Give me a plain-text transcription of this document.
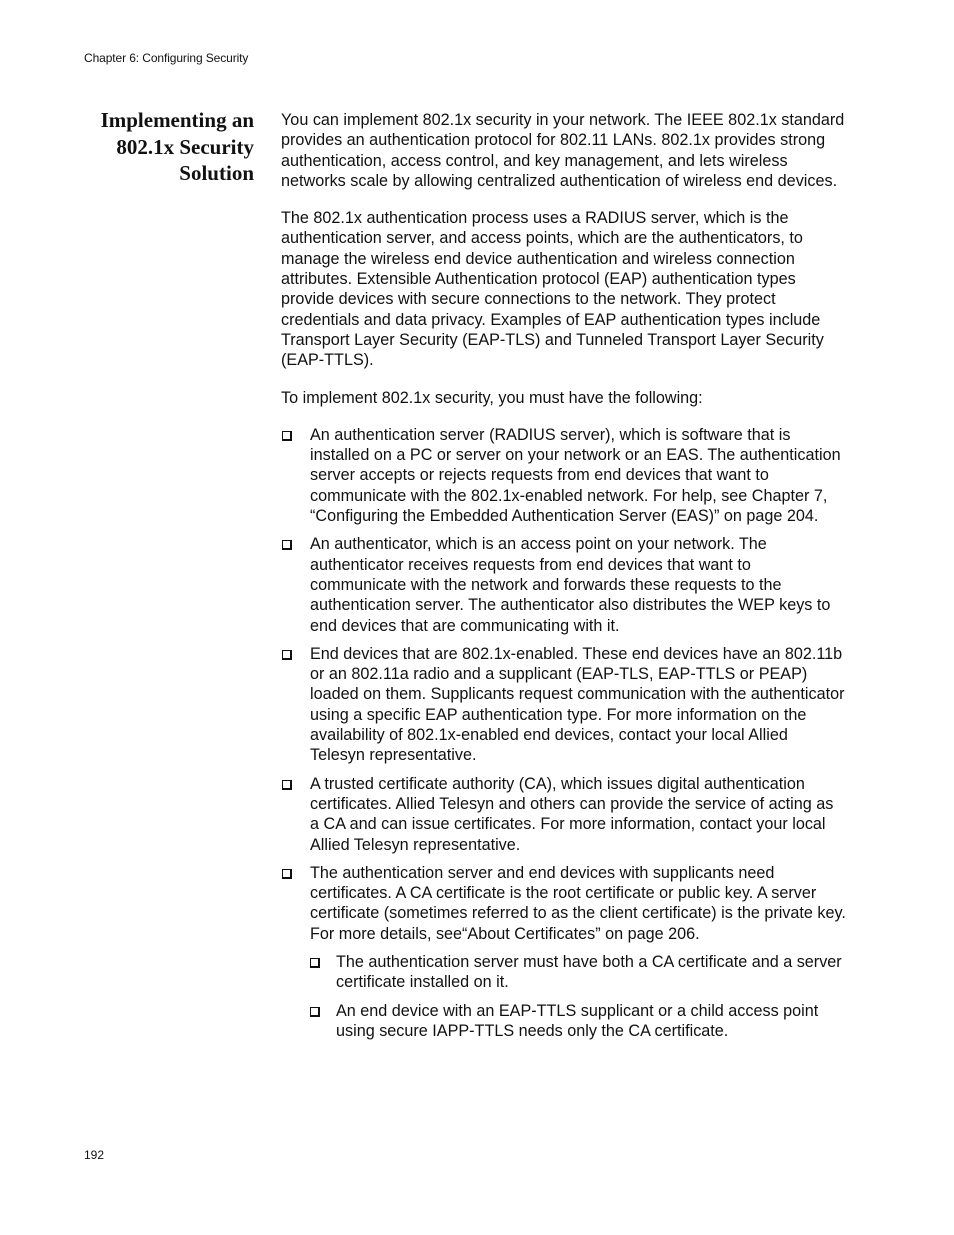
Chapter 6: Configuring Security
Implementing an 802.1x Security Solution

You can implement 802.1x security in your network. The IEEE 802.1x standard provides an authentication protocol for 802.11 LANs. 802.1x provides strong authentication, access control, and key management, and lets wireless networks scale by allowing centralized authentication of wireless end devices.

The 802.1x authentication process uses a RADIUS server, which is the authentication server, and access points, which are the authenticators, to manage the wireless end device authentication and wireless connection attributes. Extensible Authentication protocol (EAP) authentication types provide devices with secure connections to the network. They protect credentials and data privacy. Examples of EAP authentication types include Transport Layer Security (EAP-TLS) and Tunneled Transport Layer Security (EAP-TTLS).

To implement 802.1x security, you must have the following:

An authentication server (RADIUS server), which is software that is installed on a PC or server on your network or an EAS. The authentication server accepts or rejects requests from end devices that want to communicate with the 802.1x-enabled network. For help, see Chapter 7, “Configuring the Embedded Authentication Server (EAS)” on page 204.
An authenticator, which is an access point on your network. The authenticator receives requests from end devices that want to communicate with the network and forwards these requests to the authentication server. The authenticator also distributes the WEP keys to end devices that are communicating with it.
End devices that are 802.1x-enabled. These end devices have an 802.11b or an 802.11a radio and a supplicant (EAP-TLS, EAP-TTLS or PEAP) loaded on them. Supplicants request communication with the authenticator using a specific EAP authentication type. For more information on the availability of 802.1x-enabled end devices, contact your local Allied Telesyn representative.
A trusted certificate authority (CA), which issues digital authentication certificates. Allied Telesyn and others can provide the service of acting as a CA and can issue certificates. For more information, contact your local Allied Telesyn representative.
The authentication server and end devices with supplicants need certificates. A CA certificate is the root certificate or public key. A server certificate (sometimes referred to as the client certificate) is the private key. For more details, see“About Certificates” on page 206.
The authentication server must have both a CA certificate and a server certificate installed on it.
An end device with an EAP-TTLS supplicant or a child access point using secure IAPP-TTLS needs only the CA certificate.
192
